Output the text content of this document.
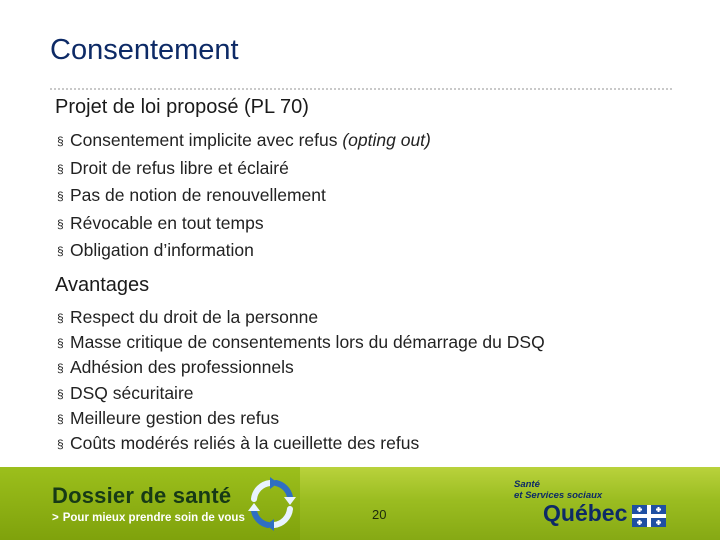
Consentement
Projet de loi proposé (PL 70)
§ Consentement implicite avec refus (opting out)
§ Droit de refus libre et éclairé
§ Pas de notion de renouvellement
§ Révocable en tout temps
§ Obligation d’information
Avantages
§ Respect du droit de la personne
§ Masse critique de consentements lors du démarrage du DSQ
§ Adhésion des professionnels
§ DSQ sécuritaire
§ Meilleure gestion des refus
§ Coûts modérés reliés à la cueillette des refus
Dossier de santé
> Pour mieux prendre soin de vous	20
Santé
et Services sociaux
Québec
